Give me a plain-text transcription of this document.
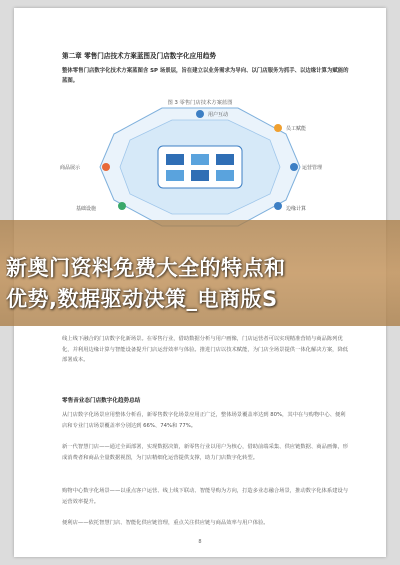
第二章 零售门店技术方案蓝图及门店数字化应用趋势
整体零售门店数字化技术方案蓝图含 SP 场景层，旨在建立以业务需求为导向、以门店服务为抓手、以边缘计算为赋能的蓝图。
图 3 零售门店技术方案蓝图
用户互动
员工赋能
商品展示	运营管理
基础设施	边缘计算
线上线下融合的门店数字化新场景。在零售行业，借助数据分析与用户画像，门店运营者可以实现精准营销与商品陈列优化，并利用边缘计算与智能设备提升门店运营效率与体验。推进门店以技术赋能，为门店全场景提供一体化解决方案，降低部署成本。
零售音业态门店数字化趋势总结
从门店数字化场景应用整体分析看，新零售数字化场景应用正广泛，整体场景覆盖率达到 80%，其中在与购物中心、便利店和专业门店场景覆盖率分别达到 66%、74%和 77%。
新一代智慧门店——通过全面部署，实现数据决策，新零售行业以用户为核心，借助前端采集、供应链数据、商品画像，形成消费者和商品全量数据视图，为门店精细化运营提供支撑，助力门店数字化转型。
购物中心数字化场景——以重点客户运营、线上线下联动、智能导购为方向，打造多业态融合场景，推动数字化体系建设与运营效率提升。
便利店——依托智慧门店、智能化供应链管理，重点关注供应链与商品效率与用户体验。
8
新奥门资料免费大全的特点和
优势,数据驱动决策_电商版S
